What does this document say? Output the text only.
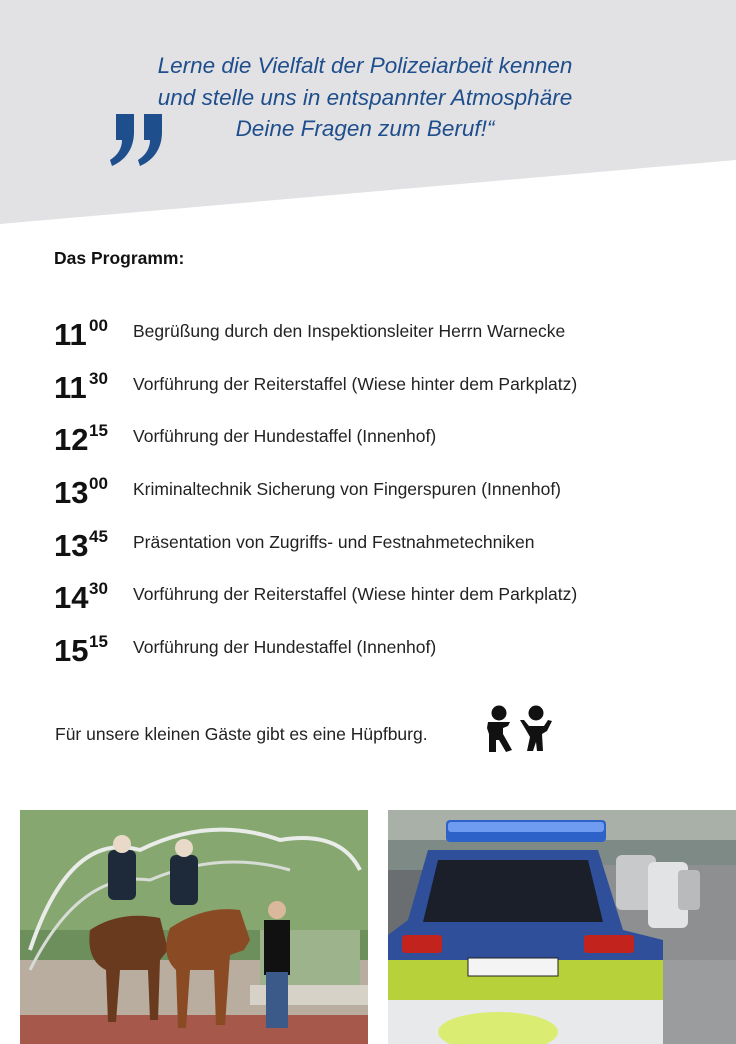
Lerne die Vielfalt der Polizeiarbeit kennen
und stelle uns in entspannter Atmosphäre
Deine Fragen zum Beruf!“
Das Programm:
11 00 Begrüßung durch den Inspektionsleiter Herrn Warnecke
11 30 Vorführung der Reiterstaffel (Wiese hinter dem Parkplatz)
12 15 Vorführung der Hundestaffel (Innenhof)
13 00 Kriminaltechnik Sicherung von Fingerspuren (Innenhof)
13 45 Präsentation von Zugriffs- und Festnahmetechniken
14 30 Vorführung der Reiterstaffel (Wiese hinter dem Parkplatz)
15 15 Vorführung der Hundestaffel (Innenhof)
Für unsere kleinen Gäste gibt es eine Hüpfburg.
